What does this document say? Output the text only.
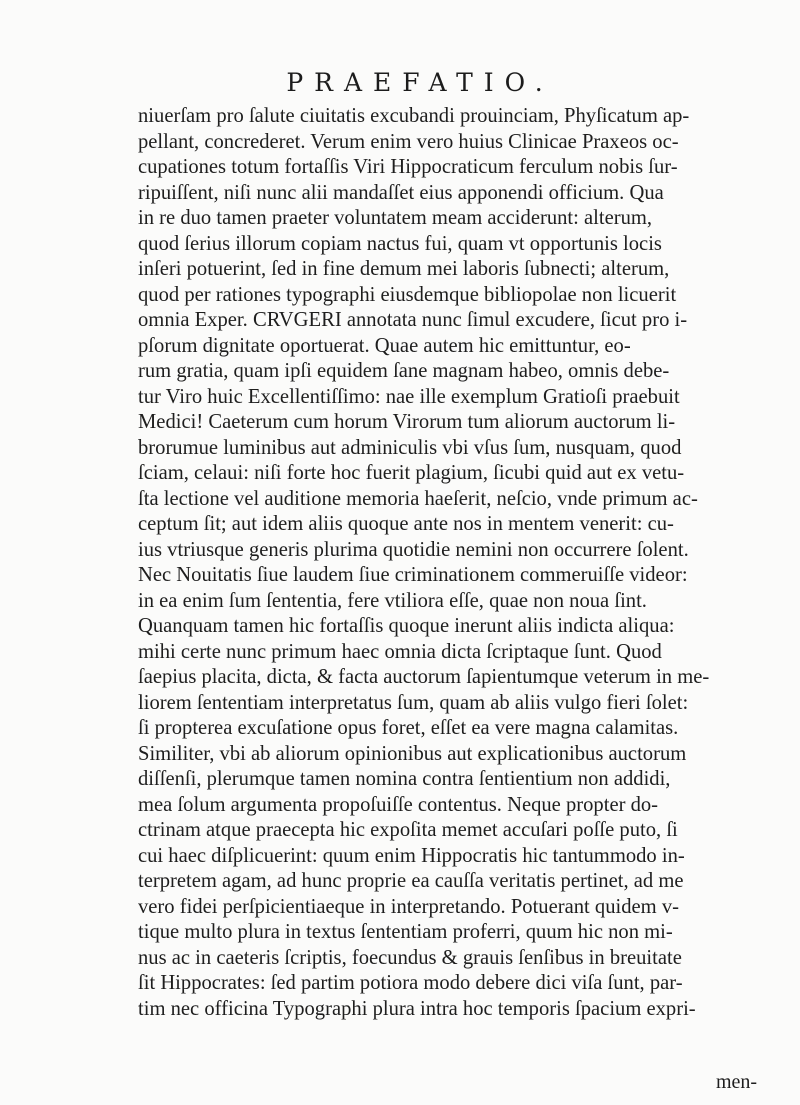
PRAEFATIO.
niuerſam pro ſalute ciuitatis excubandi prouinciam, Phyſicatum ap-
pellant, concrederet. Verum enim vero huius Clinicae Praxeos oc-
cupationes totum fortaſſis Viri Hippocraticum ferculum nobis ſur-
ripuiſſent, niſi nunc alii mandaſſet eius apponendi officium. Qua
in re duo tamen praeter voluntatem meam acciderunt: alterum,
quod ſerius illorum copiam nactus fui, quam vt opportunis locis
inſeri potuerint, ſed in fine demum mei laboris ſubnecti; alterum,
quod per rationes typographi eiusdemque bibliopolae non licuerit
omnia Exper. CRVGERI annotata nunc ſimul excudere, ſicut pro i-
pſorum dignitate oportuerat. Quae autem hic emittuntur, eo-
rum gratia, quam ipſi equidem ſane magnam habeo, omnis debe-
tur Viro huic Excellentiſſimo: nae ille exemplum Gratioſi praebuit
Medici! Caeterum cum horum Virorum tum aliorum auctorum li-
brorumue luminibus aut adminiculis vbi vſus ſum, nusquam, quod
ſciam, celaui: niſi forte hoc fuerit plagium, ſicubi quid aut ex vetu-
ſta lectione vel auditione memoria haeſerit, neſcio, vnde primum ac-
ceptum ſit; aut idem aliis quoque ante nos in mentem venerit: cu-
ius vtriusque generis plurima quotidie nemini non occurrere ſolent.
Nec Nouitatis ſiue laudem ſiue criminationem commeruiſſe videor:
in ea enim ſum ſententia, fere vtiliora eſſe, quae non noua ſint.
Quanquam tamen hic fortaſſis quoque inerunt aliis indicta aliqua:
mihi certe nunc primum haec omnia dicta ſcriptaque ſunt. Quod
ſaepius placita, dicta, & facta auctorum ſapientumque veterum in me-
liorem ſententiam interpretatus ſum, quam ab aliis vulgo fieri ſolet:
ſi propterea excuſatione opus foret, eſſet ea vere magna calamitas.
Similiter, vbi ab aliorum opinionibus aut explicationibus auctorum
diſſenſi, plerumque tamen nomina contra ſentientium non addidi,
mea ſolum argumenta propoſuiſſe contentus. Neque propter do-
ctrinam atque praecepta hic expoſita memet accuſari poſſe puto, ſi
cui haec diſplicuerint: quum enim Hippocratis hic tantummodo in-
terpretem agam, ad hunc proprie ea cauſſa veritatis pertinet, ad me
vero fidei perſpicientiaeque in interpretando. Potuerant quidem v-
tique multo plura in textus ſententiam proferri, quum hic non mi-
nus ac in caeteris ſcriptis, foecundus & grauis ſenſibus in breuitate
ſit Hippocrates: ſed partim potiora modo debere dici viſa ſunt, par-
tim nec officina Typographi plura intra hoc temporis ſpacium expri-
men-
